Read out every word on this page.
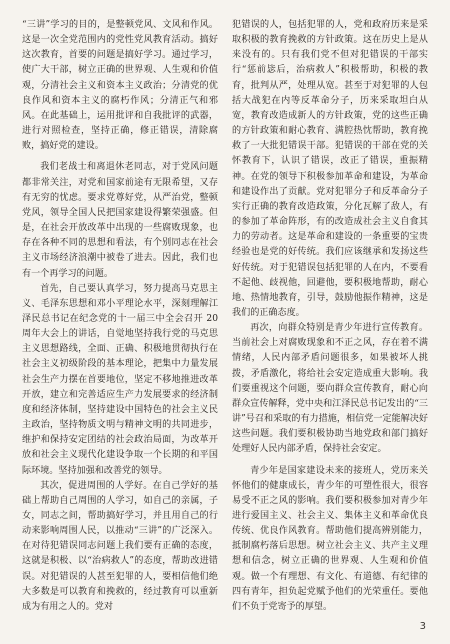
“三讲”学习的目的，是整顿党风、文风和作风。这是一次全党范围内的党性党风教育活动。搞好这次教育，首要的问题是搞好学习。通过学习，使广大干部，树立正确的世界观、人生观和价值观，分清社会主义和资本主义政治；分清党的优良作风和资本主义的腐朽作风；分清正气和邪风。在此基础上，运用批评和自我批评的武器，进行对照检查，坚持正确，修正错误，清除腐败，搞好党的建设。

我们老战士和离退休老同志，对于党风问题都非常关注，对党和国家前途有无限希望，又存有无穷的忧虑。要求党尊好党，从严治党，整顿党风，领导全国人民把国家建设得繁荣强盛。但是，在社会开放改革中出现的一些腐败现象，也存在各种不同的思想和看法，有个别同志在社会主义市场经济浪潮中被卷了进去。因此，我们也有一个再学习的问题。

首先，自己要认真学习，努力提高马克思主义、毛泽东思想和邓小平理论水平，深刻理解江泽民总书记在纪念党的十一届三中全会召开 20 周年大会上的讲话，自觉地坚持我行党的马克思主义思想路线，全面、正确、积极地贯彻执行在社会主义初级阶段的基本理论，把集中力量发展社会生产力摆在首要地位，坚定不移地推进改革开放，建立和完善适应生产力发展要求的经济制度和经济体制，坚持建设中国特色的社会主义民主政治，坚持物质文明与精神文明的共同进步，维护和保持安定团结的社会政治局面，为改革开放和社会主义现代化建设争取一个长期的和平国际环境。坚持加强和改善党的领导。

其次，促进周围的人学好。在自己学好的基础上帮助自己周围的人学习，如自己的亲属，子女，同志之间，帮助搞好学习，并且用自己的行动来影响周围人民，以推动“三讲”的广泛深入。在对待犯错误同志问题上我们要有正确的态度，这就是积极、以“治病救人”的态度，帮助改进错误。对犯错误的人甚至犯罪的人，要相信他们绝大多数是可以教育和挽救的，经过教育可以重新成为有用之人的。党对

犯错误的人，包括犯罪的人，党和政府历来是采取积极的教育挽救的方针政策。这在历史上是从来没有的。只有我们党不但对犯错误的干部实行“惩前毖后，治病救人”积极帮助，积极的教育，批判从严，处理从宽。甚至于对犯罪的人包括大战犯在内等反革命分子，历来采取坦白从宽，教育改造成新人的方针政策，党的这些正确的方针政策和耐心教育、满腔热忱帮助，教育挽救了一大批犯错误干部。犯错误的干部在党的关怀教育下，认识了错误，改正了错误，重振精神。在党的领导下积极参加革命和建设，为革命和建设作出了贡献。党对犯罪分子和反革命分子实行正确的教育改造政策，分化瓦解了敌人，有的参加了革命阵形，有的改造成社会主义自食其力的劳动者。这是革命和建设的一条重要的宝贵经验也是党的好传统。我们应该继承和发扬这些好传统。对于犯错误包括犯罪的人在内，不要看不起他、歧视他，回避他，要积极地帮助，耐心地、热情地教育，引导，鼓励他振作精神，这是我们的正确态度。

再次，向群众特别是青少年进行宣传教育。当前社会上对腐败现象和不正之风，存在着不满情绪，人民内部矛盾问题很多，如果被坏人挑拨，矛盾激化，将给社会安定造成重大影响。我们要重视这个问题，要向群众宣传教育，耐心向群众宣传解释，党中央和江泽民总书记发出的“三讲”号召和采取的有力措施，相信党一定能解决好这些问题。我们要积极协助当地党政和部门搞好处理好人民内部矛盾，保持社会安定。

青少年是国家建设未来的接班人，党历来关怀他们的健康成长，青少年的可塑性很大，很容易受不正之风的影响。我们要积极参加对青少年进行爱国主义、社会主义、集体主义和革命优良传统、优良作风教育。帮助他们提高辨别能力，抵制腐朽落后思想。树立社会主义、共产主义理想和信念，树立正确的世界观、人生观和价值观。做一个有理想、有文化、有道德、有纪律的四有青年，担负起党赋予他们的光荣重任。要他们不负于党寄予的厚望。

3
